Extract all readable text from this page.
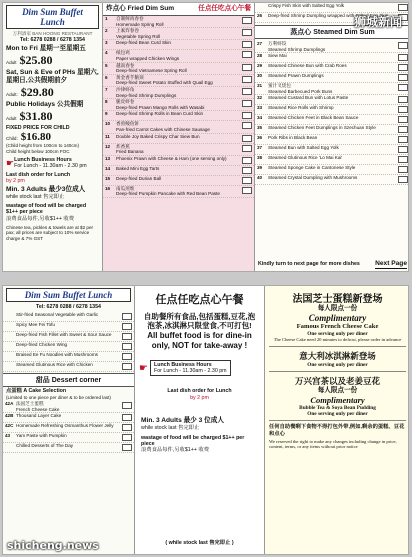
Dim Sum Buffet Lunch
万利酒家 BAN HOONG RESTAURANT
Tel: 6278 0288 / 6278 1354
Mon to Fri 星期一至星期五
Adult $25.80
Sat, Sun & Eve of PHs 星期六,星期日,公共假期前夕
Adult: $29.80
Public Holidays 公共假期
Adult $31.80
FIXED PRICE FOR CHILD
Child: $16.80
(Child height from 100cm to 140cm)
Child height below 100cm FOC
☛ Lunch Business Hours
For Lunch - 11.30am - 2.30 pm
Last dish order for Lunch
by 2 pm
Min. 3 Adults 最少3位成人
while stock last 售完即止
wastage of food will be charged $1++ per piece
浪费食品每件,另收$1++ 收费
Chinese tea, pickles & towels are at $2 per pax; all prices are subject to 10% service charge & 7% GST
炸点心 Fried Dim Sum	任点任吃点心午餐
1	自制鲜肉春卷
Homemade Spring Roll
2	上素炸春卷
Vegetable Spring Roll
3	Deep-fried Bean Curd Skin
4	纸包鸡
Paper wrapped Chicken Wings
5	越南春卷
Deep-fried Vietnamese Spring Roll
6	黄金香芋鹅颈
Deep-fried Sweet Potato Stuffed with Quail Egg
7	沙律虾角
Deep-fried Shrimp Dumplings
8	脆皮虾卷
Deep-fried Prawn Mango Rolls with Wasabi
9	Deep-fried Shrimp Rolls in Bean Curd Skin
10	香煎鲮鱼饼
Pan-fried Carrot Cakes with Chinese Sausage
11	Double Joy Baked Crispy Char Siew Bun
12	炸香蕉
Fried Banana
13	Phoenix Prawn with Cheese & Ham (one serving only)
14	Baked Mini Egg Tarts
15	Deep-fried Durian Ball
16	南瓜煎堆
Deep-fried Pumpkin Pancake with Red Bean Paste
Crispy Fish Skin with Salted Egg Yolk
26	Deep-fried Shrimp Dumpling wrapped with Salted Egg Skin
蒸点心 Steamed Dim Sum
27	万利虾饺
Steamed Shrimp Dumplings
28	Siew Mai
29	Steamed Chinese Bun with Crab Roes
30	Steamed Prawn Dumplings
31	蜜汁叉烧包
Steamed Barbecued Pork Buns
32	Steamed Custard Bun with Lotus Paste
33	Steamed Rice Rolls with Shrimp
34	Steamed Chicken Feet in Black Bean Sauce
35	Steamed Chicken Feet Dumplings in Szechuan Style
36	Pork Ribs in Black Bean
37	Steamed Bun with Salted Egg Yolk
38	Steamed Glutinous Rice 'Lo Mai Kai'
39	Steamed Sponge Cake in Cantonese Style
40	Steamed Crystal Dumpling with Mushrooms
Kindly turn to next page for more dishes Next Page
狮城新闻
Dim Sum Buffet Lunch
Tel: 6278 0288 / 6278 1354
Stir-fried Seasonal Vegetable with Garlic
Spicy Mee Fei Tofu
Deep-fried Fish Fillet with Sweet & Sour Sauce
Deep-fried Chicken Wing
Braised Ee Fu Noodles with Mushrooms
Steamed Glutinous Rice with Chicken
甜品 Dessert corner
点蛋糕 A Cake Selection
(Limited to one piece per diner & to be ordered last)
42A 法国芝士蛋糕
French Cheese Cake
42B Thousand Layer Cake
42C Homemade Refreshing Osmanthus Flower Jelly
43	Yam Paste with Pumpkin
Chilled Desserts of The Day
任点任吃点心午餐
自助餐所有食品,包括蛋糕,豆花,泡泡茶,冰淇淋只限堂食,不可打包!
All buffet food is for dine-in only, NOT for take-away !
☛ Lunch Business Hours
For Lunch - 11.30am - 2.30 pm
Last dish order for Lunch
by 2 pm
Min. 3 Adults 最少 3 位成人
while stock last 售完即止
wastage of food will be charged $1++ per piece
浪费食品每件,另收$1++ 收费
( while stock last 售完即止 )
法国芝士蛋糕新登场
每人限点一份
Complimentary
Famous French Cheese Cake
One serving only per diner
The Cheese Cake need 20 minutes to defrost, please order in advance
意大利冰淇淋新登场
One serving only per diner
万兴宫茶以及老姜豆花
每人限点一份
Complimentary
Bubble Tea & Soya Bean Pudding
One serving only per diner
任何自助餐剩下食物不得打包外带,例如,剩余的蛋糕、豆花和点心
We reserved the right to make any changes including change in price, content, terms, or any items without prior notice
shicheng.news
